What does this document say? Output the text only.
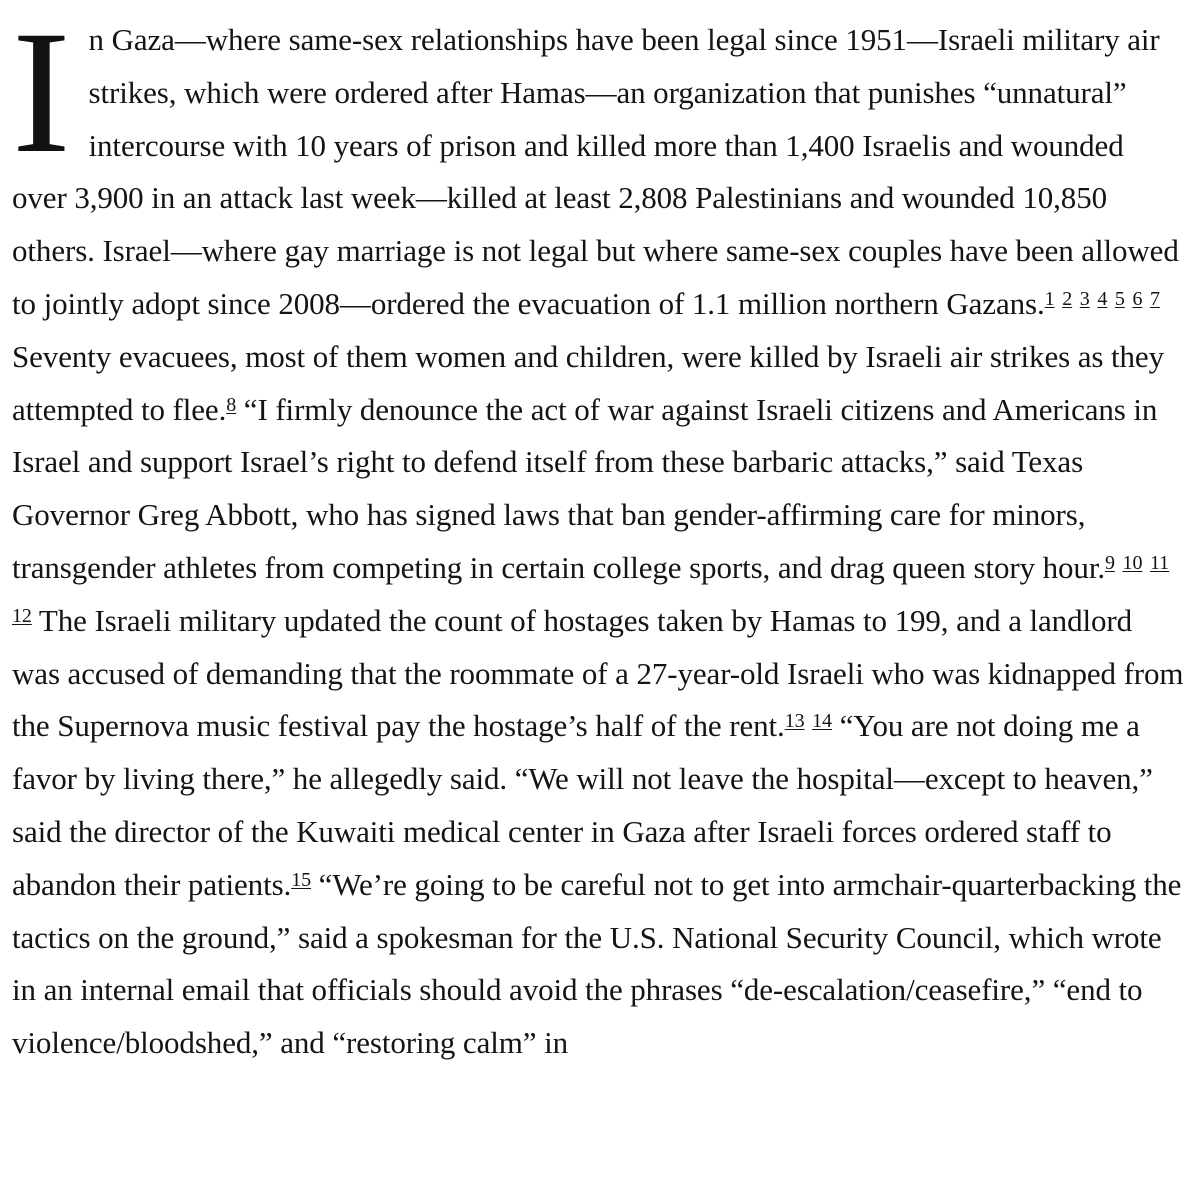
I n Gaza—where same-sex relationships have been legal since 1951—Israeli military air strikes, which were ordered after Hamas—an organization that punishes “unnatural” intercourse with 10 years of prison and killed more than 1,400 Israelis and wounded over 3,900 in an attack last week—killed at least 2,808 Palestinians and wounded 10,850 others. Israel—where gay marriage is not legal but where same-sex couples have been allowed to jointly adopt since 2008—ordered the evacuation of 1.1 million northern Gazans.$^1$ $^2$ $^3$ $^4$ $^5$ $^6$ $^7$ Seventy evacuees, most of them women and children, were killed by Israeli air strikes as they attempted to flee.$^8$ “I firmly denounce the act of war against Israeli citizens and Americans in Israel and support Israel’s right to defend itself from these barbaric attacks,” said Texas Governor Greg Abbott, who has signed laws that ban gender-affirming care for minors, transgender athletes from competing in certain college sports, and drag queen story hour.$^9$ $^{10}$ $^{11}$ $^{12}$ The Israeli military updated the count of hostages taken by Hamas to 199, and a landlord was accused of demanding that the roommate of a 27-year-old Israeli who was kidnapped from the Supernova music festival pay the hostage’s half of the rent.$^{13}$ $^{14}$ “You are not doing me a favor by living there,” he allegedly said. “We will not leave the hospital—except to heaven,” said the director of the Kuwaiti medical center in Gaza after Israeli forces ordered staff to abandon their patients.$^{15}$ “We’re going to be careful not to get into armchair-quarterbacking the tactics on the ground,” said a spokesman for the U.S. National Security Council, which wrote in an internal email that officials should avoid the phrases “de-escalation/ceasefire,” “end to violence/bloodshed,” and “restoring calm” in
